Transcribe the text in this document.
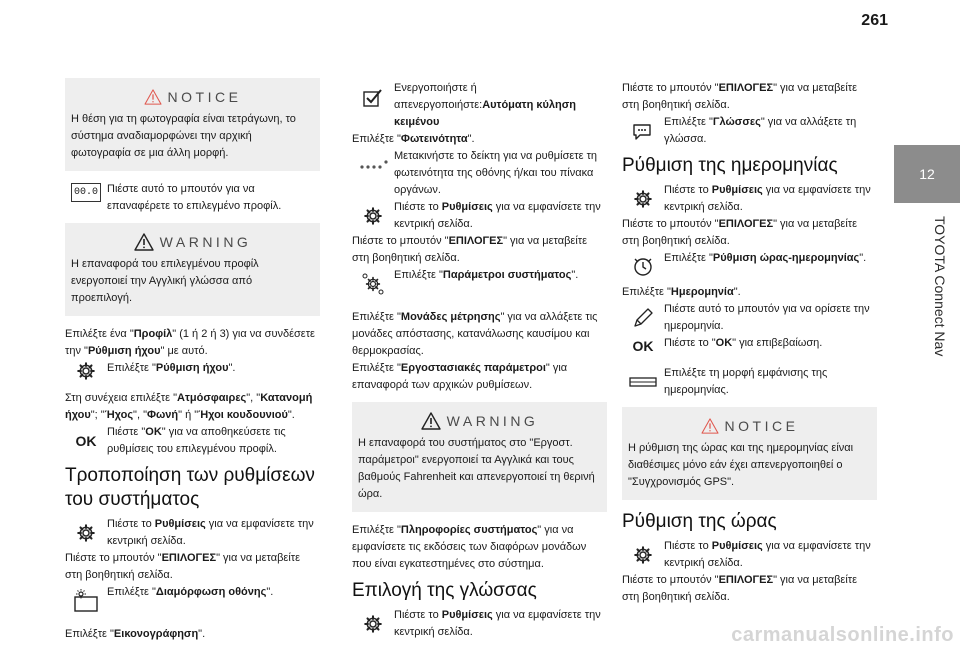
261
12
TOYOTA Connect Nav
NOTICE

Η θέση για τη φωτογραφία είναι τετράγωνη, το σύστημα αναδιαμορφώνει την αρχική φωτογραφία σε μια άλλη μορφή.

00.0 Πιέστε αυτό το μπουτόν για να επαναφέρετε το επιλεγμένο προφίλ.
WARNING

Η επαναφορά του επιλεγμένου προφίλ ενεργοποιεί την Αγγλική γλώσσα από προεπιλογή.

Επιλέξτε ένα "Προφίλ" (1 ή 2 ή 3) για να συνδέσετε την "Ρύθμιση ήχου" με αυτό.

Επιλέξτε "Ρύθμιση ήχου".

Στη συνέχεια επιλέξτε "Ατμόσφαιρες", "Κατανομή ήχου"; "Ήχος", "Φωνή" ή "Ήχοι κουδουνιού".

OK
Πιέστε "OK" για να αποθηκεύσετε τις ρυθμίσεις του επιλεγμένου προφίλ.
Τροποποίηση των ρυθμίσεων του συστήματος
Πιέστε το Ρυθμίσεις για να εμφανίσετε την κεντρική σελίδα.

Πιέστε το μπουτόν "ΕΠΙΛΟΓΕΣ" για να μεταβείτε στη βοηθητική σελίδα.

Επιλέξτε "Διαμόρφωση οθόνης".

Επιλέξτε "Εικονογράφηση".

Ενεργοποιήστε ή απενεργοποιήστε:Αυτόματη κύληση κειμένου

Επιλέξτε "Φωτεινότητα".

Μετακινήστε το δείκτη για να ρυθμίσετε τη φωτεινότητα της οθόνης ή/και του πίνακα οργάνων.
Πιέστε το Ρυθμίσεις για να εμφανίσετε την κεντρική σελίδα.

Πιέστε το μπουτόν "ΕΠΙΛΟΓΕΣ" για να μεταβείτε στη βοηθητική σελίδα.

Επιλέξτε "Παράμετροι συστήματος".

Επιλέξτε "Μονάδες μέτρησης" για να αλλάξετε τις μονάδες απόστασης, κατανάλωσης καυσίμου και θερμοκρασίας.

Επιλέξτε "Εργοστασιακές παράμετροι" για επαναφορά των αρχικών ρυθμίσεων.

WARNING

Η επαναφορά του συστήματος στο "Εργοστ. παράμετροι" ενεργοποιεί τα Αγγλικά και τους βαθμούς Fahrenheit και απενεργοποιεί τη θερινή ώρα.

Επιλέξτε "Πληροφορίες συστήματος" για να εμφανίσετε τις εκδόσεις των διαφόρων μονάδων που είναι εγκατεστημένες στο σύστημα.

Επιλογή της γλώσσας
Πιέστε το Ρυθμίσεις για να εμφανίσετε την κεντρική σελίδα.

Πιέστε το μπουτόν "ΕΠΙΛΟΓΕΣ" για να μεταβείτε στη βοηθητική σελίδα.

Επιλέξτε "Γλώσσες" για να αλλάξετε τη γλώσσα.
Ρύθμιση της ημερομηνίας
Πιέστε το Ρυθμίσεις για να εμφανίσετε την κεντρική σελίδα.

Πιέστε το μπουτόν "ΕΠΙΛΟΓΕΣ" για να μεταβείτε στη βοηθητική σελίδα.

Επιλέξτε "Ρύθμιση ώρας-ημερομηνίας".

Επιλέξτε "Ημερομηνία".

Πιέστε αυτό το μπουτόν για να ορίσετε την ημερομηνία.
OK Πιέστε το "OK" για επιβεβαίωση.
Επιλέξτε τη μορφή εμφάνισης της ημερομηνίας.
NOTICE

Η ρύθμιση της ώρας και της ημερομηνίας είναι διαθέσιμες μόνο εάν έχει απενεργοποιηθεί ο "Συγχρονισμός GPS".

Ρύθμιση της ώρας
Πιέστε το Ρυθμίσεις για να εμφανίσετε την κεντρική σελίδα.

Πιέστε το μπουτόν "ΕΠΙΛΟΓΕΣ" για να μεταβείτε στη βοηθητική σελίδα.

carmanualsonline.info
